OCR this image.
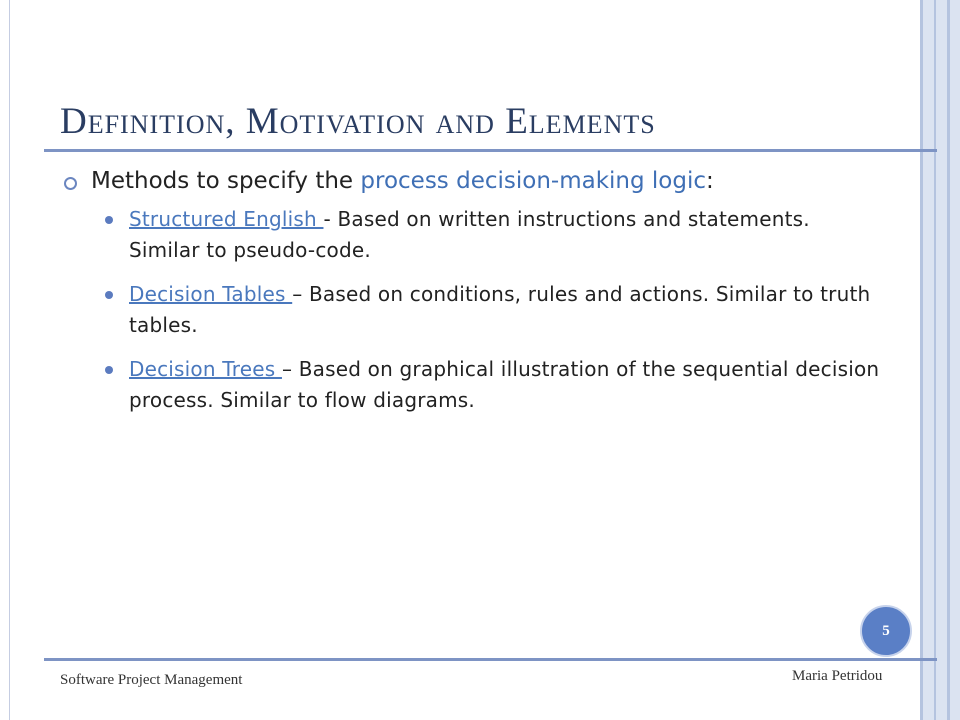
Definition, Motivation and Elements
Methods to specify the process decision-making logic:
Structured English - Based on written instructions and statements. Similar to pseudo-code.
Decision Tables – Based on conditions, rules and actions. Similar to truth tables.
Decision Trees – Based on graphical illustration of the sequential decision process. Similar to flow diagrams.
5
Software Project Management	Maria Petridou
